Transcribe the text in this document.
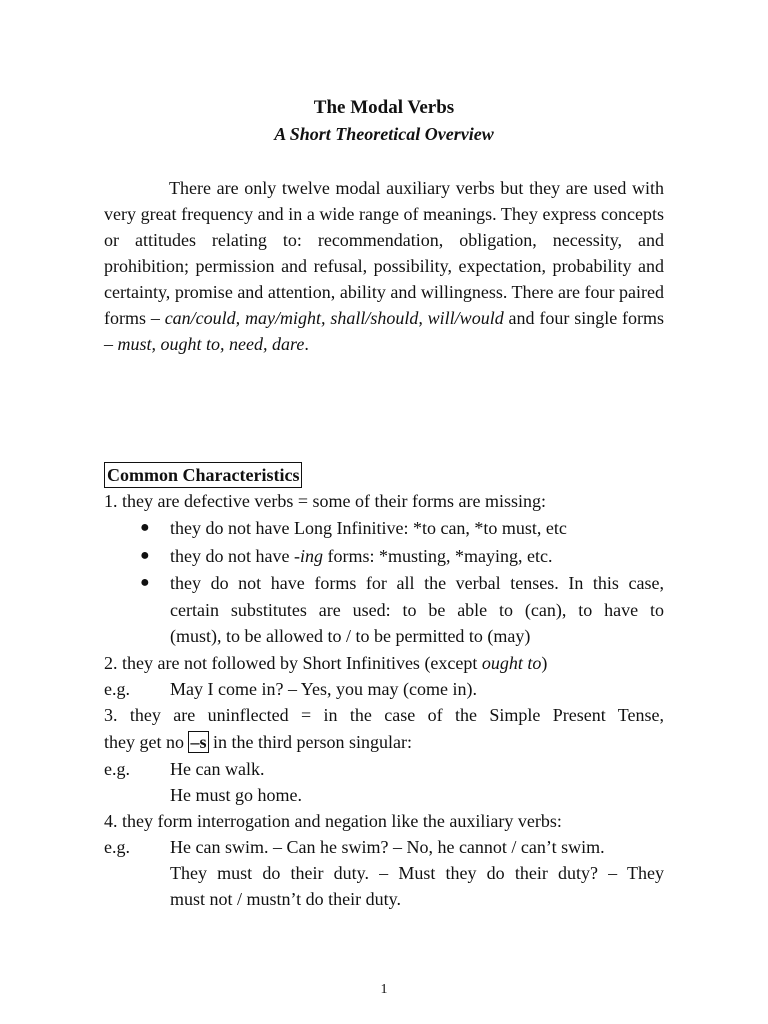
The Modal Verbs
A Short Theoretical Overview
There are only twelve modal auxiliary verbs but they are used with very great frequency and in a wide range of meanings. They express concepts or attitudes relating to: recommendation, obligation, necessity, and prohibition; permission and refusal, possibility, expectation, probability and certainty, promise and attention, ability and willingness. There are four paired forms – can/could, may/might, shall/should, will/would and four single forms – must, ought to, need, dare.
Common Characteristics
1. they are defective verbs = some of their forms are missing:
● they do not have Long Infinitive: *to can, *to must, etc
● they do not have -ing forms: *musting, *maying, etc.
● they do not have forms for all the verbal tenses. In this case,
certain substitutes are used: to be able to (can), to have to
(must), to be allowed to / to be permitted to (may)
2. they are not followed by Short Infinitives (except ought to)
e.g. May I come in? – Yes, you may (come in).
3. they are uninflected = in the case of the Simple Present Tense,
they get no –s in the third person singular:
e.g. He can walk.
He must go home.
4. they form interrogation and negation like the auxiliary verbs:
e.g. He can swim. – Can he swim? – No, he cannot / can’t swim.
They must do their duty. – Must they do their duty? – They
must not / mustn’t do their duty.
1
